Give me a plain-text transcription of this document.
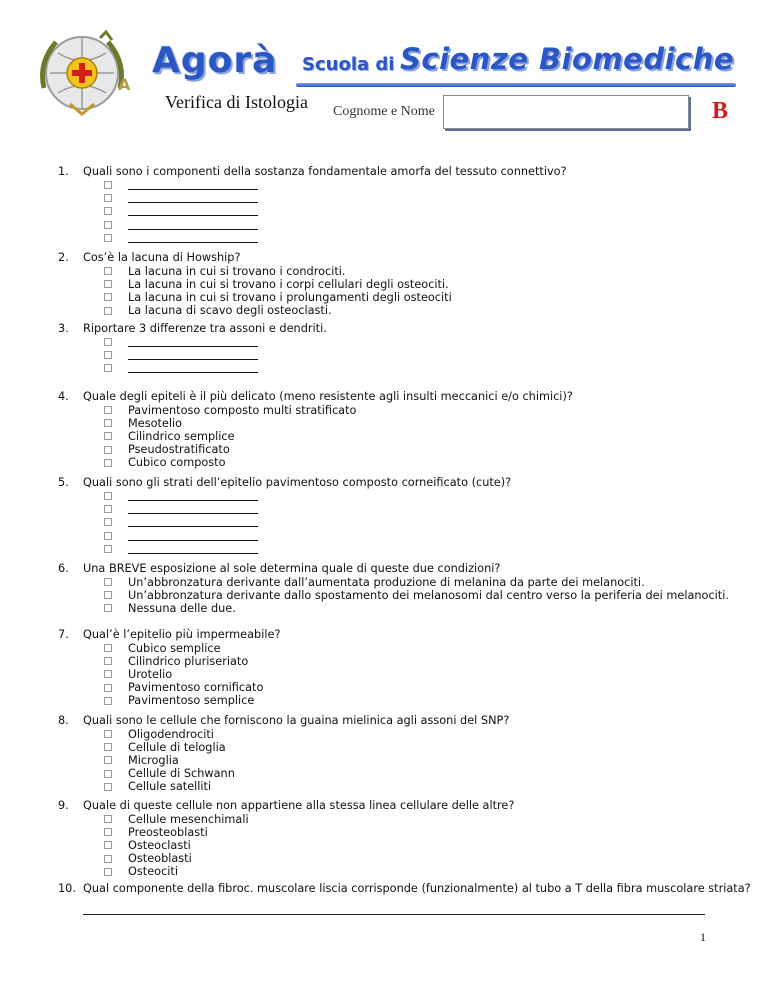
A
Agorà Scuola di Scienze Biomediche
Verifica di Istologia Cognome e Nome	B
1.	Quali sono i componenti della sostanza fondamentale amorfa del tessuto connettivo?
2.	Cos’è la lacuna di Howship?
La lacuna in cui si trovano i condrociti.
La lacuna in cui si trovano i corpi cellulari degli osteociti.
La lacuna in cui si trovano i prolungamenti degli osteociti
La lacuna di scavo degli osteoclasti.
3.	Riportare 3 differenze tra assoni e dendriti.
4.	Quale degli epiteli è il più delicato (meno resistente agli insulti meccanici e/o chimici)?
Pavimentoso composto multi stratificato
Mesotelio
Cilindrico semplice
Pseudostratificato
Cubico composto
5.	Quali sono gli strati dell’epitelio pavimentoso composto corneificato (cute)?
6.	Una BREVE esposizione al sole determina quale di queste due condizioni?
Un’abbronzatura derivante dall’aumentata produzione di melanina da parte dei melanociti.
Un’abbronzatura derivante dallo spostamento dei melanosomi dal centro verso la periferia dei melanociti.
Nessuna delle due.
7.	Qual’è l’epitelio più impermeabile?
Cubico semplice
Cilindrico pluriseriato
Urotelio
Pavimentoso cornificato
Pavimentoso semplice
8.	Quali sono le cellule che forniscono la guaina mielinica agli assoni del SNP?
Oligodendrociti
Cellule di teloglia
Microglia
Cellule di Schwann
Cellule satelliti
9.	Quale di queste cellule non appartiene alla stessa linea cellulare delle altre?
Cellule mesenchimali
Preosteoblasti
Osteoclasti
Osteoblasti
Osteociti
10. Qual componente della fibroc. muscolare liscia corrisponde (funzionalmente) al tubo a T della fibra muscolare striata?
1
